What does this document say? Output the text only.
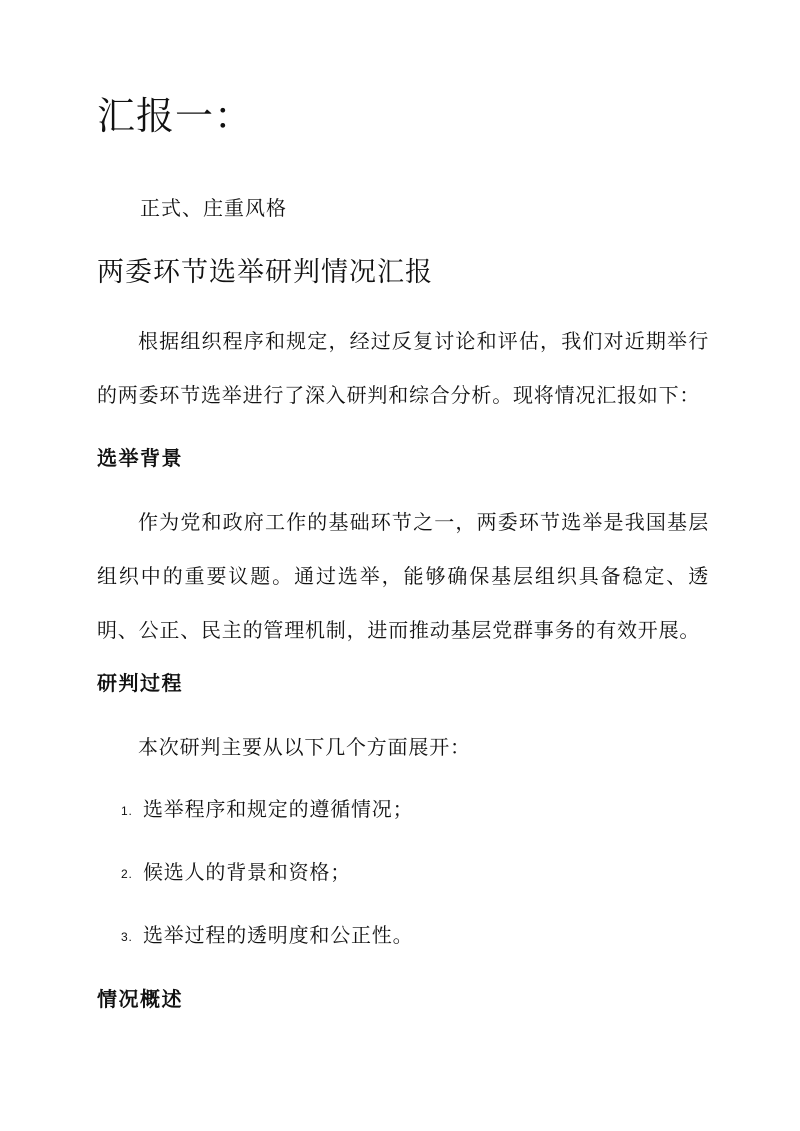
汇报一：
正式、庄重风格
两委环节选举研判情况汇报

根据组织程序和规定，经过反复讨论和评估，我们对近期举行的两委环节选举进行了深入研判和综合分析。现将情况汇报如下：

选举背景

作为党和政府工作的基础环节之一，两委环节选举是我国基层组织中的重要议题。通过选举，能够确保基层组织具备稳定、透明、公正、民主的管理机制，进而推动基层党群事务的有效开展。

研判过程

本次研判主要从以下几个方面展开：

1. 选举程序和规定的遵循情况；
2. 候选人的背景和资格；
3. 选举过程的透明度和公正性。
情况概述
